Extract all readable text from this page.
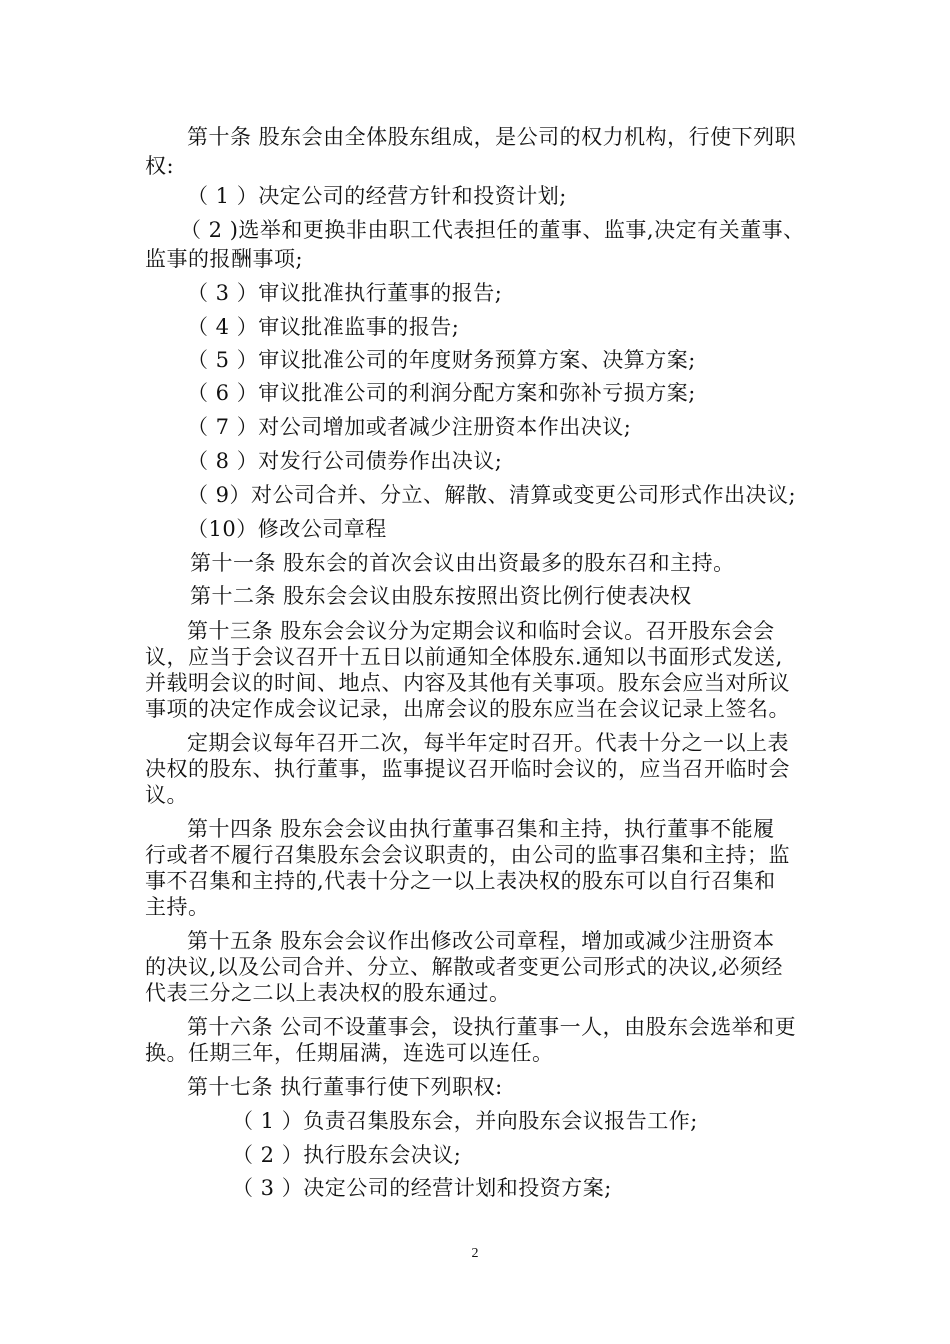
第十条 股东会由全体股东组成，是公司的权力机构，行使下列职
权:
（ 1 ）决定公司的经营方针和投资计划;
（ 2 )选举和更换非由职工代表担任的董事、监事,决定有关董事、
监事的报酬事项;
（ 3 ）审议批准执行董事的报告;
（ 4 ）审议批准监事的报告;
（ 5 ）审议批准公司的年度财务预算方案、决算方案;
（ 6 ）审议批准公司的利润分配方案和弥补亏损方案;
（ 7 ）对公司增加或者减少注册资本作出决议;
（ 8 ）对发行公司债券作出决议;
（ 9）对公司合并、分立、解散、清算或变更公司形式作出决议;
（10）修改公司章程
第十一条 股东会的首次会议由出资最多的股东召和主持。
第十二条 股东会会议由股东按照出资比例行使表决权
第十三条 股东会会议分为定期会议和临时会议。召开股东会会
议，应当于会议召开十五日以前通知全体股东.通知以书面形式发送,
并载明会议的时间、地点、内容及其他有关事项。股东会应当对所议
事项的决定作成会议记录，出席会议的股东应当在会议记录上签名。
定期会议每年召开二次，每半年定时召开。代表十分之一以上表
决权的股东、执行董事，监事提议召开临时会议的，应当召开临时会
议。
第十四条 股东会会议由执行董事召集和主持，执行董事不能履
行或者不履行召集股东会会议职责的，由公司的监事召集和主持；监
事不召集和主持的,代表十分之一以上表决权的股东可以自行召集和
主持。
第十五条 股东会会议作出修改公司章程，增加或减少注册资本
的决议,以及公司合并、分立、解散或者变更公司形式的决议,必须经
代表三分之二以上表决权的股东通过。
第十六条 公司不设董事会，设执行董事一人，由股东会选举和更
换。任期三年，任期届满，连选可以连任。
第十七条 执行董事行使下列职权:
（ 1 ）负责召集股东会，并向股东会议报告工作;
（ 2 ）执行股东会决议;
（ 3 ）决定公司的经营计划和投资方案;
2
